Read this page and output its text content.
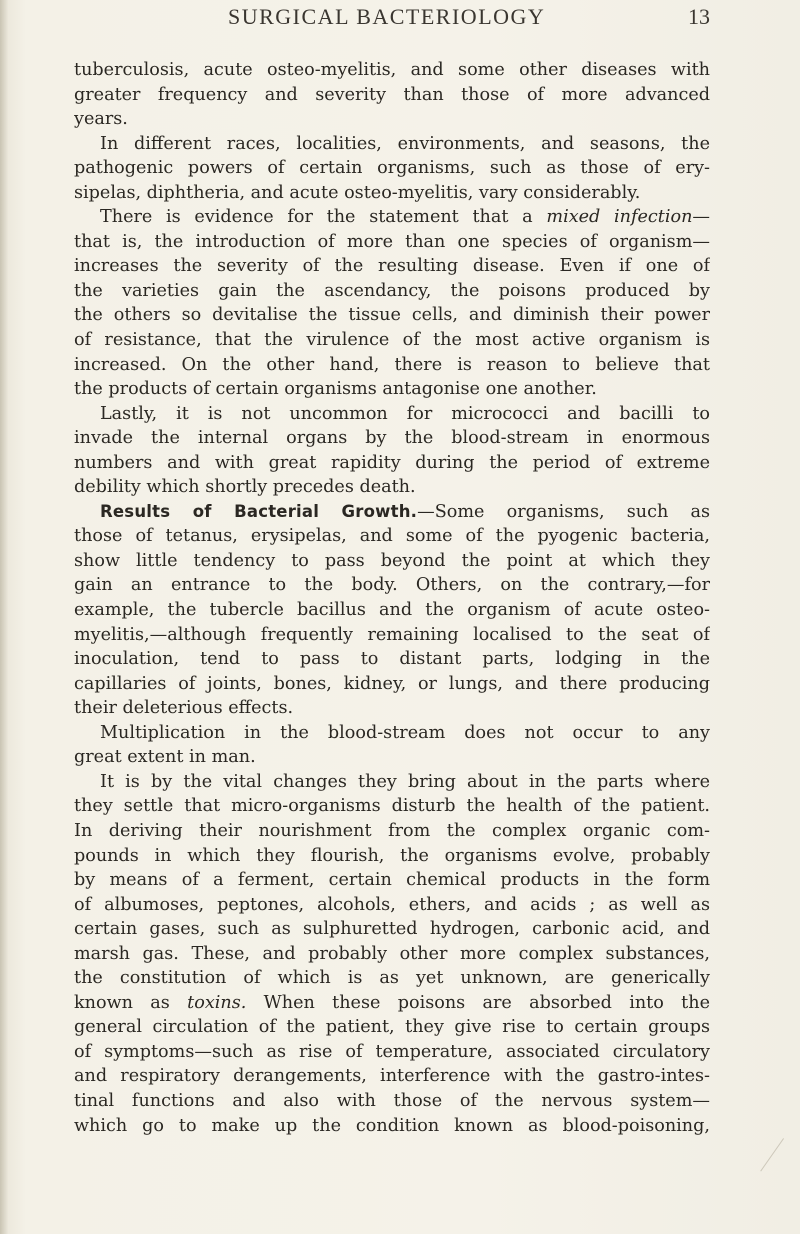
SURGICAL BACTERIOLOGY	13
tuberculosis, acute osteo-myelitis, and some other diseases with
greater frequency and severity than those of more advanced
years.
In different races, localities, environments, and seasons, the
pathogenic powers of certain organisms, such as those of ery-
sipelas, diphtheria, and acute osteo-myelitis, vary considerably.
There is evidence for the statement that a mixed infection—
that is, the introduction of more than one species of organism—
increases the severity of the resulting disease. Even if one of
the varieties gain the ascendancy, the poisons produced by
the others so devitalise the tissue cells, and diminish their power
of resistance, that the virulence of the most active organism is
increased. On the other hand, there is reason to believe that
the products of certain organisms antagonise one another.
Lastly, it is not uncommon for micrococci and bacilli to
invade the internal organs by the blood-stream in enormous
numbers and with great rapidity during the period of extreme
debility which shortly precedes death.
Results of Bacterial Growth.—Some organisms, such as
those of tetanus, erysipelas, and some of the pyogenic bacteria,
show little tendency to pass beyond the point at which they
gain an entrance to the body. Others, on the contrary,—for
example, the tubercle bacillus and the organism of acute osteo-
myelitis,—although frequently remaining localised to the seat of
inoculation, tend to pass to distant parts, lodging in the
capillaries of joints, bones, kidney, or lungs, and there producing
their deleterious effects.
Multiplication in the blood-stream does not occur to any
great extent in man.
It is by the vital changes they bring about in the parts where
they settle that micro-organisms disturb the health of the patient.
In deriving their nourishment from the complex organic com-
pounds in which they flourish, the organisms evolve, probably
by means of a ferment, certain chemical products in the form
of albumoses, peptones, alcohols, ethers, and acids ; as well as
certain gases, such as sulphuretted hydrogen, carbonic acid, and
marsh gas. These, and probably other more complex substances,
the constitution of which is as yet unknown, are generically
known as toxins. When these poisons are absorbed into the
general circulation of the patient, they give rise to certain groups
of symptoms—such as rise of temperature, associated circulatory
and respiratory derangements, interference with the gastro-intes-
tinal functions and also with those of the nervous system—
which go to make up the condition known as blood-poisoning,
